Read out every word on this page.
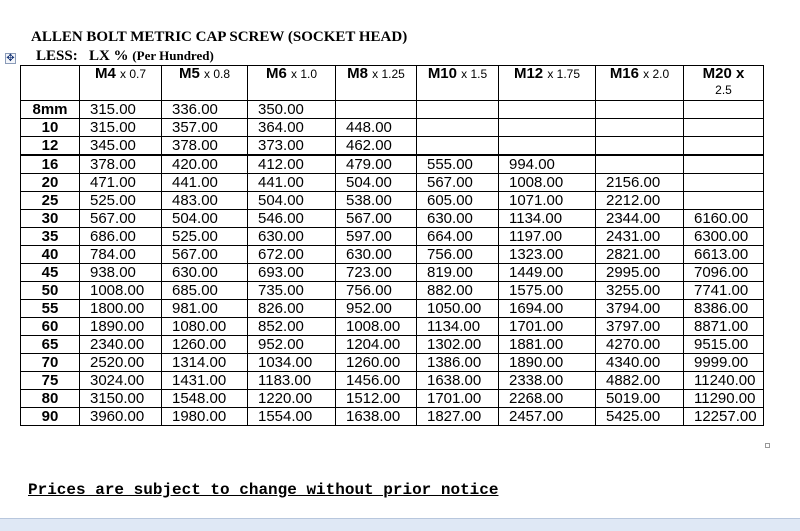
ALLEN BOLT METRIC CAP SCREW (SOCKET HEAD)
LESS: LX % (Per Hundred)
✥
	M4 x 0.7	M5 x 0.8	M6 x 1.0	M8 x 1.25	M10 x 1.5	M12 x 1.75	M16 x 2.0	M20 x
2.5
8mm	315.00	336.00	350.00					
10	315.00	357.00	364.00	448.00				
12	345.00	378.00	373.00	462.00				
16	378.00	420.00	412.00	479.00	555.00	994.00		
20	471.00	441.00	441.00	504.00	567.00	1008.00	2156.00	
25	525.00	483.00	504.00	538.00	605.00	1071.00	2212.00	
30	567.00	504.00	546.00	567.00	630.00	1134.00	2344.00	6160.00
35	686.00	525.00	630.00	597.00	664.00	1197.00	2431.00	6300.00
40	784.00	567.00	672.00	630.00	756.00	1323.00	2821.00	6613.00
45	938.00	630.00	693.00	723.00	819.00	1449.00	2995.00	7096.00
50	1008.00	685.00	735.00	756.00	882.00	1575.00	3255.00	7741.00
55	1800.00	981.00	826.00	952.00	1050.00	1694.00	3794.00	8386.00
60	1890.00	1080.00	852.00	1008.00	1134.00	1701.00	3797.00	8871.00
65	2340.00	1260.00	952.00	1204.00	1302.00	1881.00	4270.00	9515.00
70	2520.00	1314.00	1034.00	1260.00	1386.00	1890.00	4340.00	9999.00
75	3024.00	1431.00	1183.00	1456.00	1638.00	2338.00	4882.00	11240.00
80	3150.00	1548.00	1220.00	1512.00	1701.00	2268.00	5019.00	11290.00
90	3960.00	1980.00	1554.00	1638.00	1827.00	2457.00	5425.00	12257.00
Prices are subject to change without prior notice
